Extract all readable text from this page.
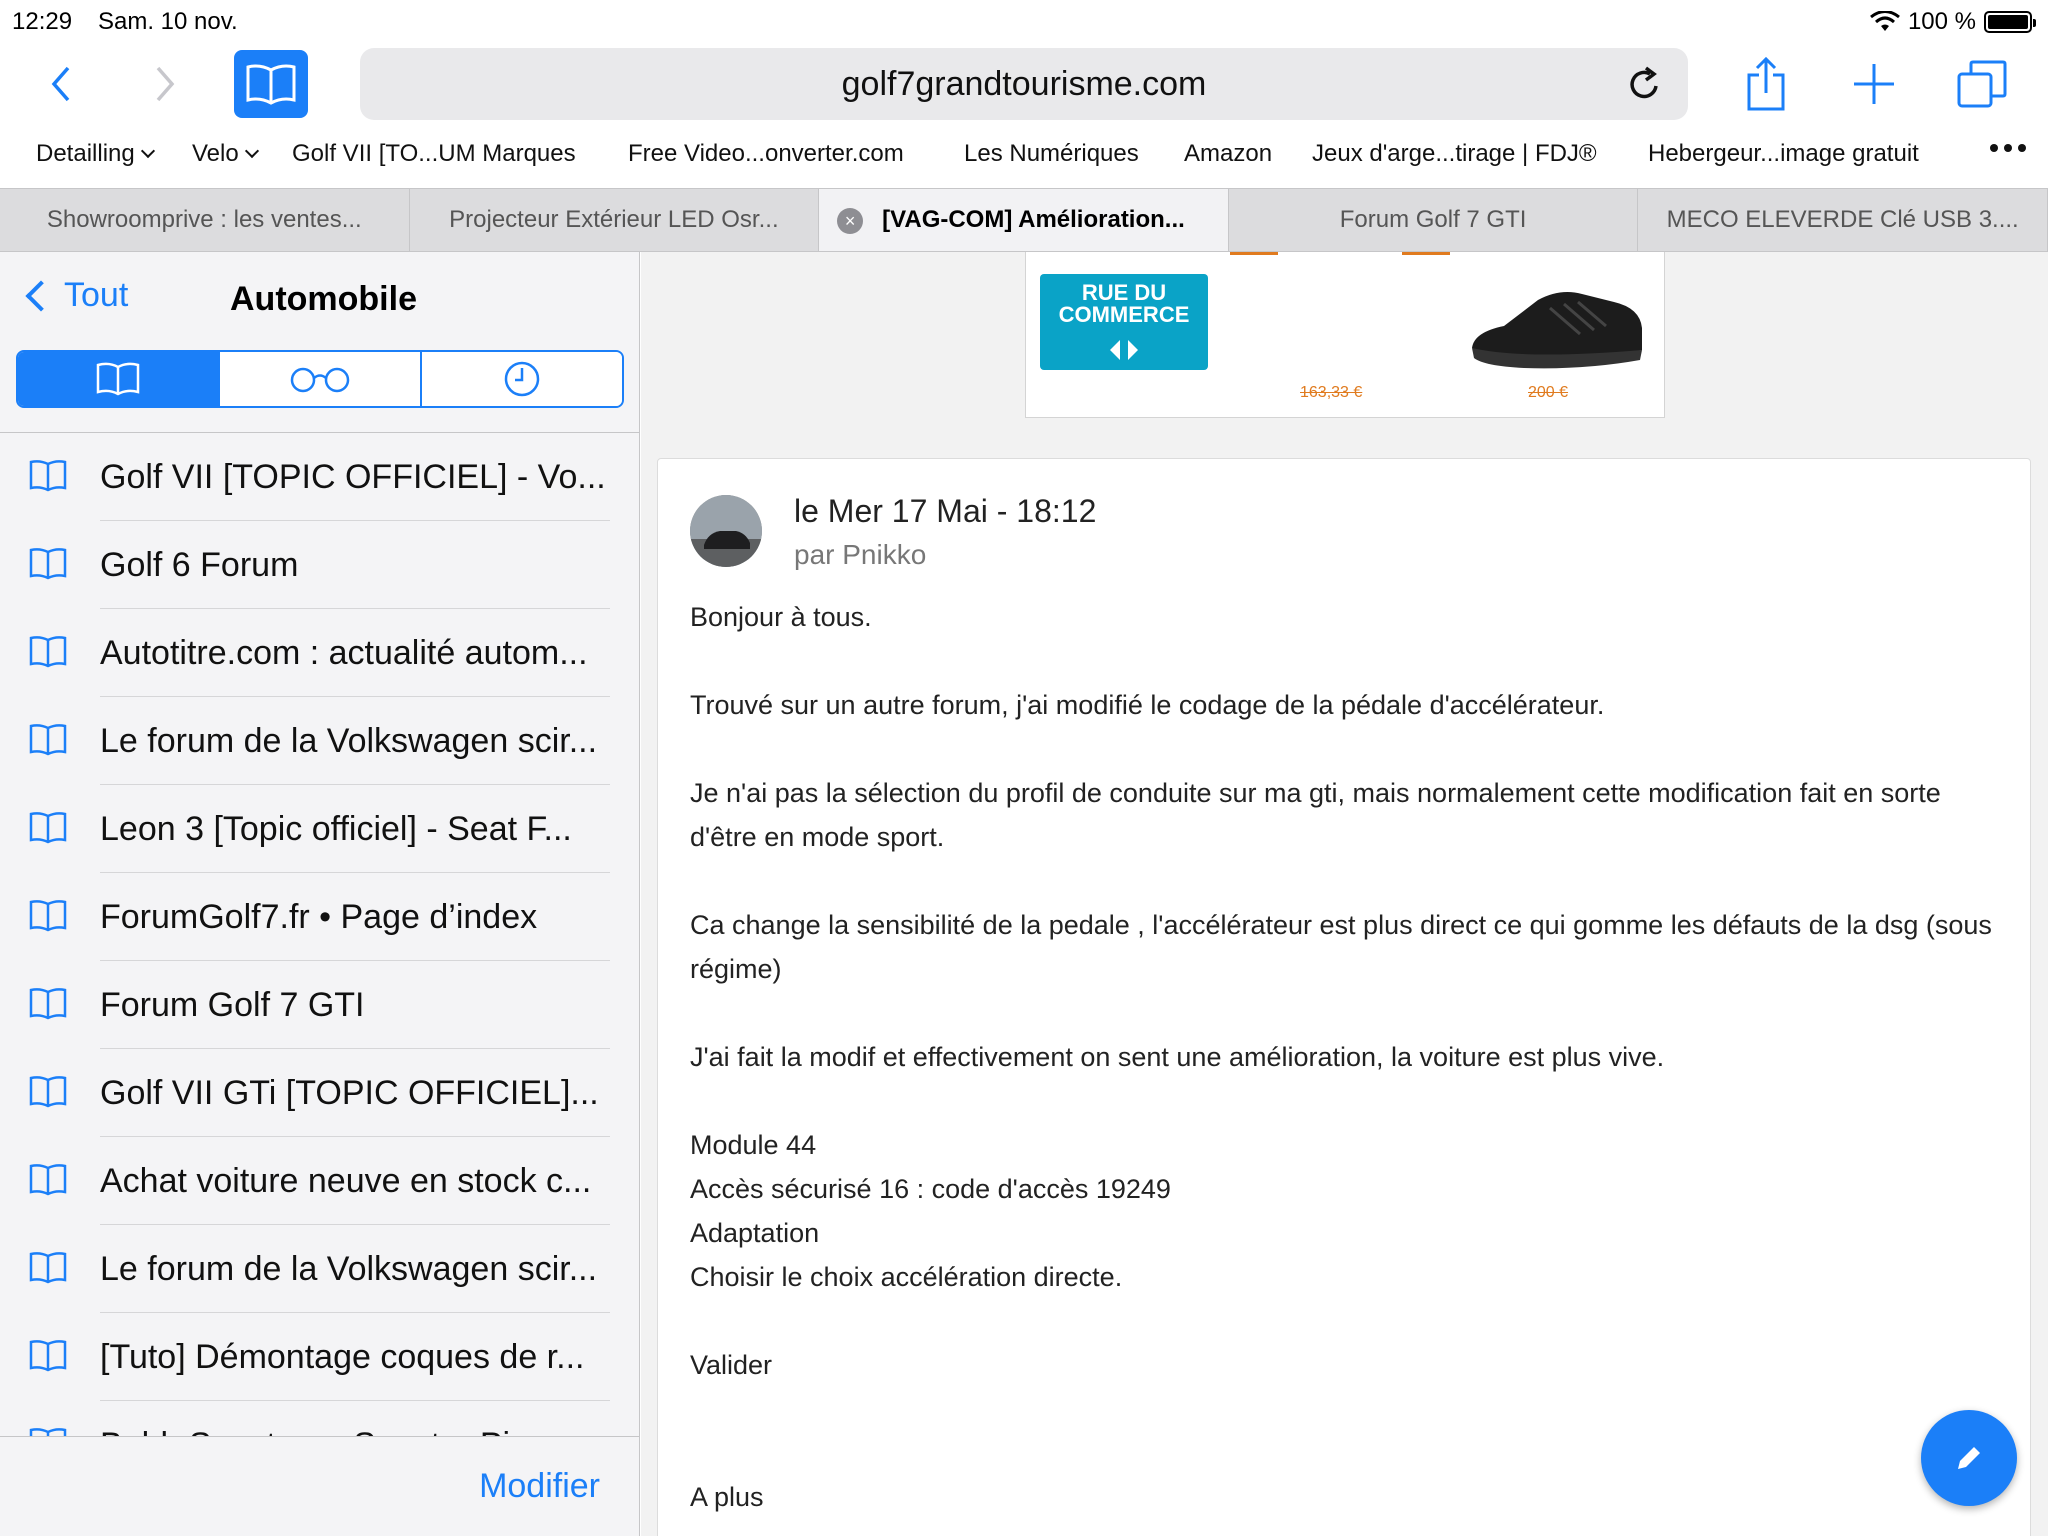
12:29 Sam. 10 nov.	100 %
golf7grandtourisme.com
Detailling Velo Golf VII [TO...UM Marques Free Video...onverter.com	Les Numériques Amazon Jeux d'arge...tirage | FDJ® Hebergeur...image gratuit
Showroomprive : les ventes...	Projecteur Extérieur LED Osr...	×	[VAG-COM] Amélioration...	Forum Golf 7 GTI	MECO ELEVERDE Clé USB 3....
Tout	Automobile
Golf VII [TOPIC OFFICIEL] - Vo...
Golf 6 Forum
Autotitre.com : actualité autom...
Le forum de la Volkswagen scir...
Leon 3 [Topic officiel] - Seat F...
ForumGolf7.fr • Page d’index
Forum Golf 7 GTI
Golf VII GTi [TOPIC OFFICIEL]...
Achat voiture neuve en stock c...
Le forum de la Volkswagen scir...
[Tuto] Démontage coques de r...
Modifier
RUE DU COMMERCE
163,33 €	200 €
le Mer 17 Mai - 18:12
par Pnikko

Bonjour à tous.

Trouvé sur un autre forum, j'ai modifié le codage de la pédale d'accélérateur.

Je n'ai pas la sélection du profil de conduite sur ma gti, mais normalement cette modification fait en sorte d'être en mode sport.

Ca change la sensibilité de la pedale , l'accélérateur est plus direct ce qui gomme les défauts de la dsg (sous régime)

J'ai fait la modif et effectivement on sent une amélioration, la voiture est plus vive.

Module 44

Accès sécurisé 16 : code d'accès 19249

Adaptation

Choisir le choix accélération directe.

Valider

A plus
